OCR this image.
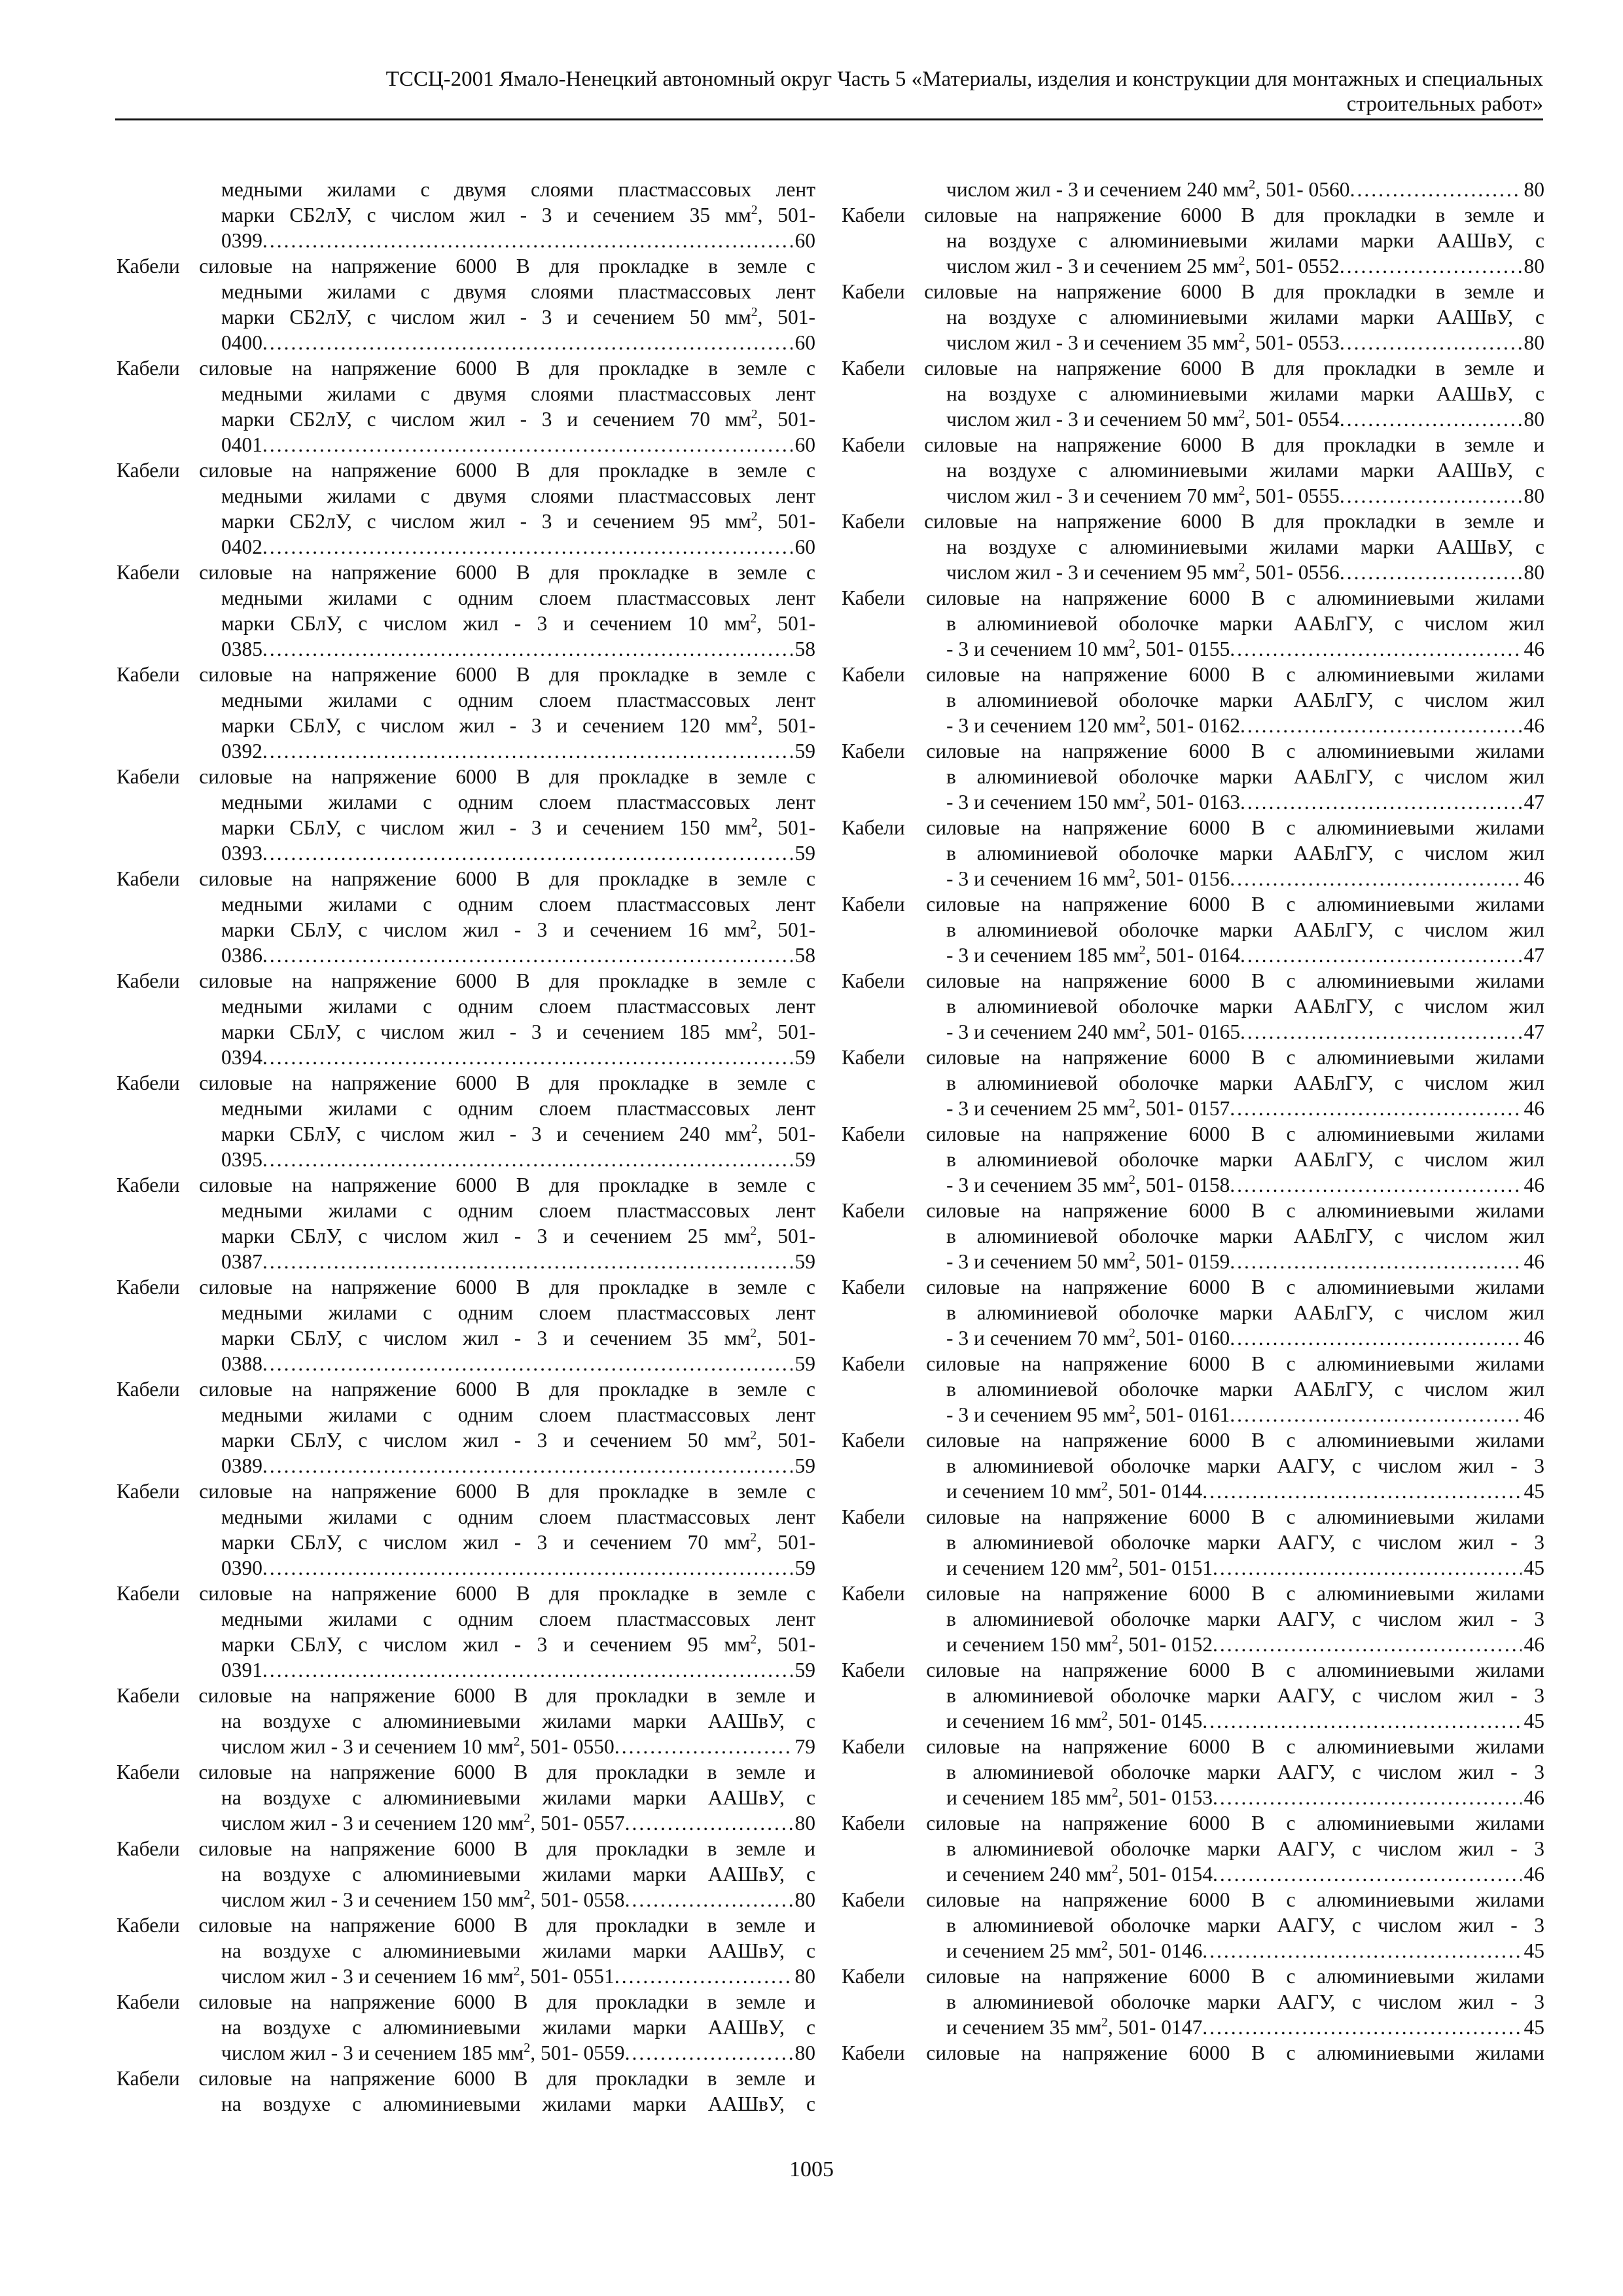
ТССЦ-2001 Ямало-Ненецкий автономный округ Часть 5 «Материалы, изделия и конструкции для монтажных и специальных
строительных работ»
медными жилами с двумя слоями пластмассовых лент
марки СБ2лУ, с числом жил - 3 и сечением 35 $мм^2$, 501-
0399 .....	60
Кабели силовые на напряжение 6000 В для прокладке в земле с
медными жилами с двумя слоями пластмассовых лент
марки СБ2лУ, с числом жил - 3 и сечением 50 $мм^2$, 501-
0400 .....	60
Кабели силовые на напряжение 6000 В для прокладке в земле с
медными жилами с двумя слоями пластмассовых лент
марки СБ2лУ, с числом жил - 3 и сечением 70 $мм^2$, 501-
0401 .....	60
Кабели силовые на напряжение 6000 В для прокладке в земле с
медными жилами с двумя слоями пластмассовых лент
марки СБ2лУ, с числом жил - 3 и сечением 95 $мм^2$, 501-
0402 .....	60
Кабели силовые на напряжение 6000 В для прокладке в земле с
медными жилами с одним слоем пластмассовых лент
марки СБлУ, с числом жил - 3 и сечением 10 $мм^2$, 501-
0385 .....	58
Кабели силовые на напряжение 6000 В для прокладке в земле с
медными жилами с одним слоем пластмассовых лент
марки СБлУ, с числом жил - 3 и сечением 120 $мм^2$, 501-
0392 .....	59
Кабели силовые на напряжение 6000 В для прокладке в земле с
медными жилами с одним слоем пластмассовых лент
марки СБлУ, с числом жил - 3 и сечением 150 $мм^2$, 501-
0393 .....	59
Кабели силовые на напряжение 6000 В для прокладке в земле с
медными жилами с одним слоем пластмассовых лент
марки СБлУ, с числом жил - 3 и сечением 16 $мм^2$, 501-
0386 .....	58
Кабели силовые на напряжение 6000 В для прокладке в земле с
медными жилами с одним слоем пластмассовых лент
марки СБлУ, с числом жил - 3 и сечением 185 $мм^2$, 501-
0394 .....	59
Кабели силовые на напряжение 6000 В для прокладке в земле с
медными жилами с одним слоем пластмассовых лент
марки СБлУ, с числом жил - 3 и сечением 240 $мм^2$, 501-
0395 .....	59
Кабели силовые на напряжение 6000 В для прокладке в земле с
медными жилами с одним слоем пластмассовых лент
марки СБлУ, с числом жил - 3 и сечением 25 $мм^2$, 501-
0387 .....	59
Кабели силовые на напряжение 6000 В для прокладке в земле с
медными жилами с одним слоем пластмассовых лент
марки СБлУ, с числом жил - 3 и сечением 35 $мм^2$, 501-
0388 .....	59
Кабели силовые на напряжение 6000 В для прокладке в земле с
медными жилами с одним слоем пластмассовых лент
марки СБлУ, с числом жил - 3 и сечением 50 $мм^2$, 501-
0389 .....	59
Кабели силовые на напряжение 6000 В для прокладке в земле с
медными жилами с одним слоем пластмассовых лент
марки СБлУ, с числом жил - 3 и сечением 70 $мм^2$, 501-
0390 .....	59
Кабели силовые на напряжение 6000 В для прокладке в земле с
медными жилами с одним слоем пластмассовых лент
марки СБлУ, с числом жил - 3 и сечением 95 $мм^2$, 501-
0391 .....	59
Кабели силовые на напряжение 6000 В для прокладки в земле и
на воздухе с алюминиевыми жилами марки ААШвУ, с
числом жил - 3 и сечением 10 $мм^2$, 501- 0550 .....	79
Кабели силовые на напряжение 6000 В для прокладки в земле и
на воздухе с алюминиевыми жилами марки ААШвУ, с
числом жил - 3 и сечением 120 $мм^2$, 501- 0557 .....	80
Кабели силовые на напряжение 6000 В для прокладки в земле и
на воздухе с алюминиевыми жилами марки ААШвУ, с
числом жил - 3 и сечением 150 $мм^2$, 501- 0558 .....	80
Кабели силовые на напряжение 6000 В для прокладки в земле и
на воздухе с алюминиевыми жилами марки ААШвУ, с
числом жил - 3 и сечением 16 $мм^2$, 501- 0551 .....	80
Кабели силовые на напряжение 6000 В для прокладки в земле и
на воздухе с алюминиевыми жилами марки ААШвУ, с
числом жил - 3 и сечением 185 $мм^2$, 501- 0559 .....	80
Кабели силовые на напряжение 6000 В для прокладки в земле и
на воздухе с алюминиевыми жилами марки ААШвУ, с
числом жил - 3 и сечением 240 $мм^2$, 501- 0560 .....	80
Кабели силовые на напряжение 6000 В для прокладки в земле и
на воздухе с алюминиевыми жилами марки ААШвУ, с
числом жил - 3 и сечением 25 $мм^2$, 501- 0552 .....	80
Кабели силовые на напряжение 6000 В для прокладки в земле и
на воздухе с алюминиевыми жилами марки ААШвУ, с
числом жил - 3 и сечением 35 $мм^2$, 501- 0553 .....	80
Кабели силовые на напряжение 6000 В для прокладки в земле и
на воздухе с алюминиевыми жилами марки ААШвУ, с
числом жил - 3 и сечением 50 $мм^2$, 501- 0554 .....	80
Кабели силовые на напряжение 6000 В для прокладки в земле и
на воздухе с алюминиевыми жилами марки ААШвУ, с
числом жил - 3 и сечением 70 $мм^2$, 501- 0555 .....	80
Кабели силовые на напряжение 6000 В для прокладки в земле и
на воздухе с алюминиевыми жилами марки ААШвУ, с
числом жил - 3 и сечением 95 $мм^2$, 501- 0556 .....	80
Кабели силовые на напряжение 6000 В с алюминиевыми жилами
в алюминиевой оболочке марки ААБлГУ, с числом жил
- 3 и сечением 10 $мм^2$, 501- 0155 .....	46
Кабели силовые на напряжение 6000 В с алюминиевыми жилами
в алюминиевой оболочке марки ААБлГУ, с числом жил
- 3 и сечением 120 $мм^2$, 501- 0162 .....	46
Кабели силовые на напряжение 6000 В с алюминиевыми жилами
в алюминиевой оболочке марки ААБлГУ, с числом жил
- 3 и сечением 150 $мм^2$, 501- 0163 .....	47
Кабели силовые на напряжение 6000 В с алюминиевыми жилами
в алюминиевой оболочке марки ААБлГУ, с числом жил
- 3 и сечением 16 $мм^2$, 501- 0156 .....	46
Кабели силовые на напряжение 6000 В с алюминиевыми жилами
в алюминиевой оболочке марки ААБлГУ, с числом жил
- 3 и сечением 185 $мм^2$, 501- 0164 .....	47
Кабели силовые на напряжение 6000 В с алюминиевыми жилами
в алюминиевой оболочке марки ААБлГУ, с числом жил
- 3 и сечением 240 $мм^2$, 501- 0165 .....	47
Кабели силовые на напряжение 6000 В с алюминиевыми жилами
в алюминиевой оболочке марки ААБлГУ, с числом жил
- 3 и сечением 25 $мм^2$, 501- 0157 .....	46
Кабели силовые на напряжение 6000 В с алюминиевыми жилами
в алюминиевой оболочке марки ААБлГУ, с числом жил
- 3 и сечением 35 $мм^2$, 501- 0158 .....	46
Кабели силовые на напряжение 6000 В с алюминиевыми жилами
в алюминиевой оболочке марки ААБлГУ, с числом жил
- 3 и сечением 50 $мм^2$, 501- 0159 .....	46
Кабели силовые на напряжение 6000 В с алюминиевыми жилами
в алюминиевой оболочке марки ААБлГУ, с числом жил
- 3 и сечением 70 $мм^2$, 501- 0160 .....	46
Кабели силовые на напряжение 6000 В с алюминиевыми жилами
в алюминиевой оболочке марки ААБлГУ, с числом жил
- 3 и сечением 95 $мм^2$, 501- 0161 .....	46
Кабели силовые на напряжение 6000 В с алюминиевыми жилами
в алюминиевой оболочке марки ААГУ, с числом жил - 3
и сечением 10 $мм^2$, 501- 0144 .....	45
Кабели силовые на напряжение 6000 В с алюминиевыми жилами
в алюминиевой оболочке марки ААГУ, с числом жил - 3
и сечением 120 $мм^2$, 501- 0151 .....	45
Кабели силовые на напряжение 6000 В с алюминиевыми жилами
в алюминиевой оболочке марки ААГУ, с числом жил - 3
и сечением 150 $мм^2$, 501- 0152 .....	46
Кабели силовые на напряжение 6000 В с алюминиевыми жилами
в алюминиевой оболочке марки ААГУ, с числом жил - 3
и сечением 16 $мм^2$, 501- 0145 .....	45
Кабели силовые на напряжение 6000 В с алюминиевыми жилами
в алюминиевой оболочке марки ААГУ, с числом жил - 3
и сечением 185 $мм^2$, 501- 0153 .....	46
Кабели силовые на напряжение 6000 В с алюминиевыми жилами
в алюминиевой оболочке марки ААГУ, с числом жил - 3
и сечением 240 $мм^2$, 501- 0154 .....	46
Кабели силовые на напряжение 6000 В с алюминиевыми жилами
в алюминиевой оболочке марки ААГУ, с числом жил - 3
и сечением 25 $мм^2$, 501- 0146 .....	45
Кабели силовые на напряжение 6000 В с алюминиевыми жилами
в алюминиевой оболочке марки ААГУ, с числом жил - 3
и сечением 35 $мм^2$, 501- 0147 .....	45
Кабели силовые на напряжение 6000 В с алюминиевыми жилами
1005
